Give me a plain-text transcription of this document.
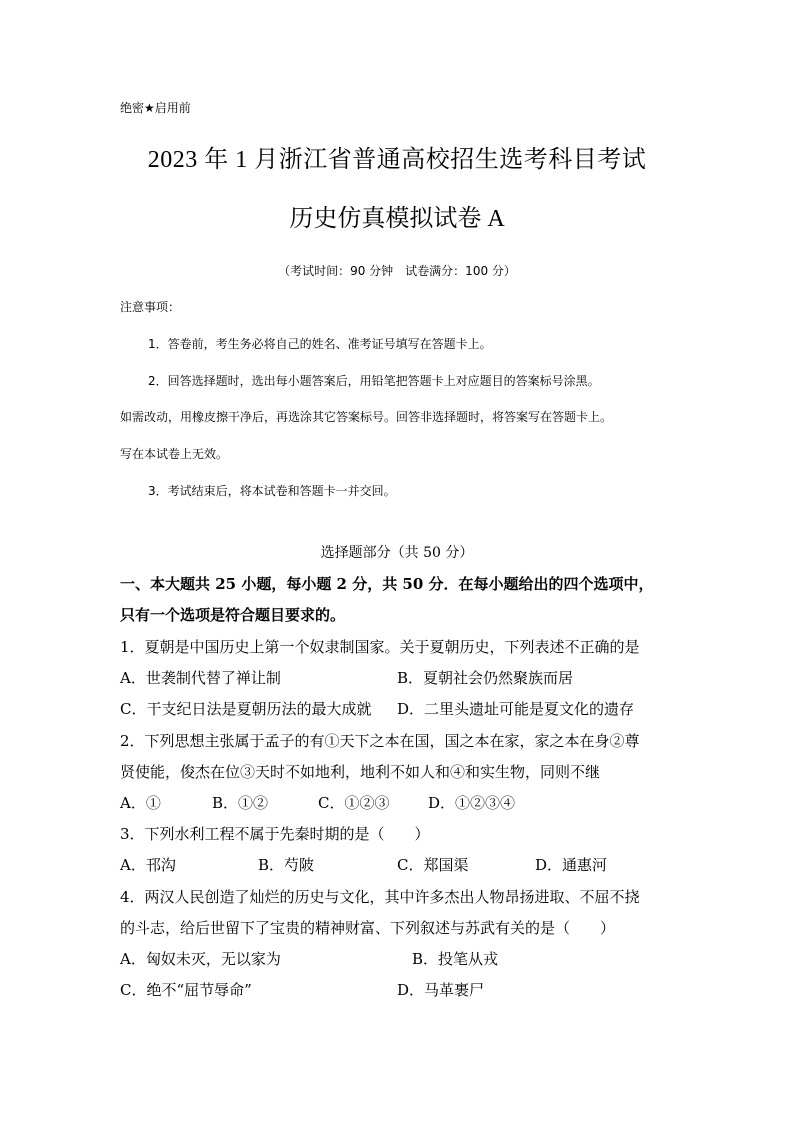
绝密★启用前
2023 年 1 月浙江省普通高校招生选考科目考试
历史仿真模拟试卷 A
（考试时间：90 分钟　试卷满分：100 分）
注意事项：
1．答卷前，考生务必将自己的姓名、准考证号填写在答题卡上。
2．回答选择题时，选出每小题答案后，用铅笔把答题卡上对应题目的答案标号涂黑。
如需改动，用橡皮擦干净后，再选涂其它答案标号。回答非选择题时，将答案写在答题卡上。
写在本试卷上无效。
3．考试结束后，将本试卷和答题卡一并交回。
选择题部分（共 50 分）
一、本大题共 25 小题，每小题 2 分，共 50 分．在每小题给出的四个选项中，
只有一个选项是符合题目要求的。
1．夏朝是中国历史上第一个奴隶制国家。关于夏朝历史，下列表述不正确的是
A．世袭制代替了禅让制	B．夏朝社会仍然聚族而居
C．干支纪日法是夏朝历法的最大成就 D．二里头遗址可能是夏文化的遗存
2．下列思想主张属于孟子的有①天下之本在国，国之本在家，家之本在身②尊
贤使能，俊杰在位③天时不如地利，地利不如人和④和实生物，同则不继
A．①	B．①②	C．①②③	D．①②③④
3．下列水利工程不属于先秦时期的是（　　）
A．邗沟	B．芍陂	C．郑国渠	D．通惠河
4．两汉人民创造了灿烂的历史与文化，其中许多杰出人物昂扬进取、不屈不挠
的斗志，给后世留下了宝贵的精神财富、下列叙述与苏武有关的是（　　）
A．匈奴未灭，无以家为	B．投笔从戎
C．绝不“屈节辱命”	D．马革裹尸
